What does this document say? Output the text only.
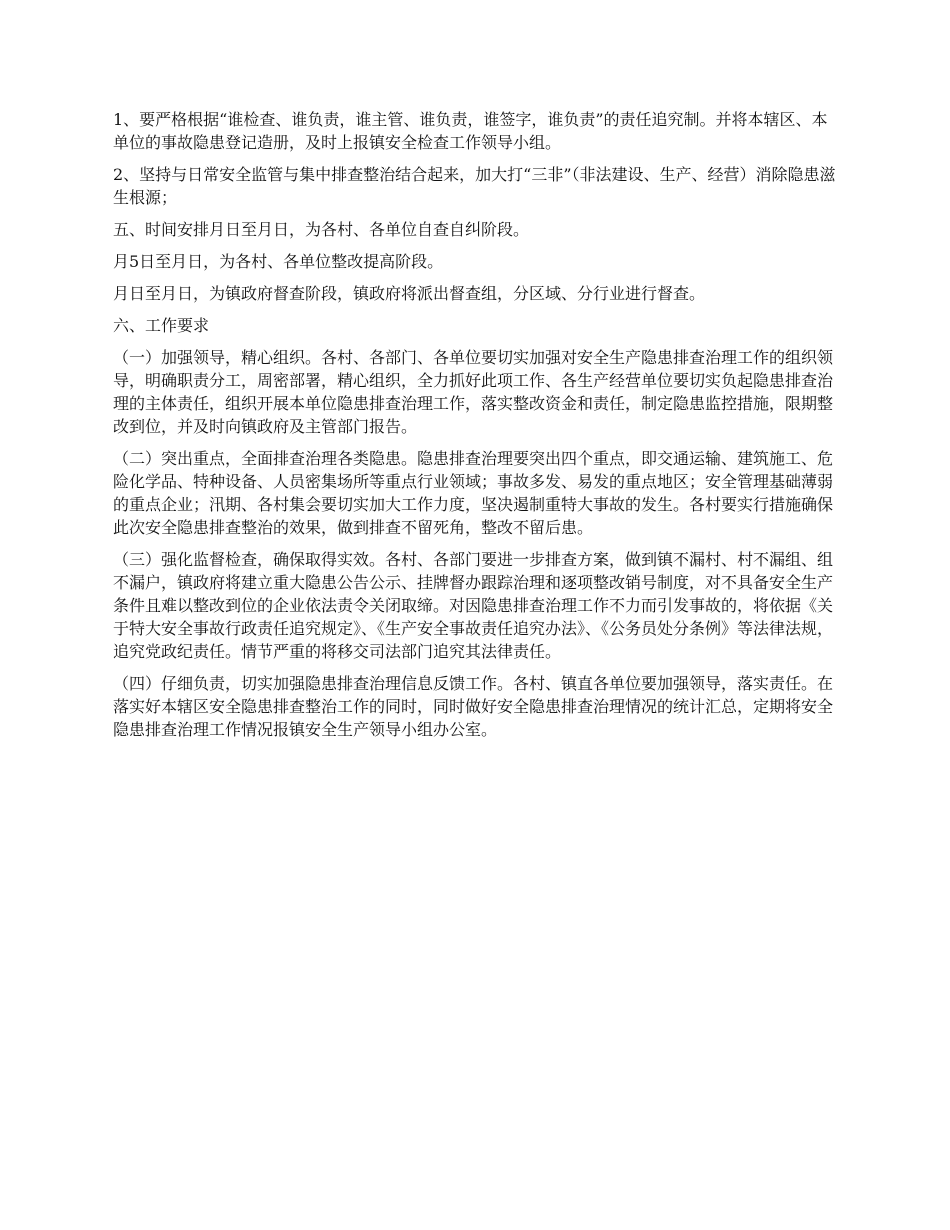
1、要严格根据“谁检查、谁负责，谁主管、谁负责，谁签字，谁负责”的责任追究制。并将本辖区、本单位的事故隐患登记造册，及时上报镇安全检查工作领导小组。

2、坚持与日常安全监管与集中排查整治结合起来，加大打“三非”（非法建设、生产、经营）消除隐患滋生根源；

五、时间安排月日至月日，为各村、各单位自查自纠阶段。

月5日至月日，为各村、各单位整改提高阶段。

月日至月日，为镇政府督查阶段，镇政府将派出督查组，分区域、分行业进行督查。

六、工作要求

（一）加强领导，精心组织。各村、各部门、各单位要切实加强对安全生产隐患排查治理工作的组织领导，明确职责分工，周密部署，精心组织，全力抓好此项工作、各生产经营单位要切实负起隐患排查治理的主体责任，组织开展本单位隐患排查治理工作，落实整改资金和责任，制定隐患监控措施，限期整改到位，并及时向镇政府及主管部门报告。

（二）突出重点，全面排查治理各类隐患。隐患排查治理要突出四个重点，即交通运输、建筑施工、危险化学品、特种设备、人员密集场所等重点行业领域；事故多发、易发的重点地区；安全管理基础薄弱的重点企业；汛期、各村集会要切实加大工作力度，坚决遏制重特大事故的发生。各村要实行措施确保此次安全隐患排查整治的效果，做到排查不留死角，整改不留后患。

（三）强化监督检查，确保取得实效。各村、各部门要进一步排查方案，做到镇不漏村、村不漏组、组不漏户，镇政府将建立重大隐患公告公示、挂牌督办跟踪治理和逐项整改销号制度，对不具备安全生产条件且难以整改到位的企业依法责令关闭取缔。对因隐患排查治理工作不力而引发事故的，将依据《关于特大安全事故行政责任追究规定》、《生产安全事故责任追究办法》、《公务员处分条例》等法律法规，追究党政纪责任。情节严重的将移交司法部门追究其法律责任。

（四）仔细负责，切实加强隐患排查治理信息反馈工作。各村、镇直各单位要加强领导，落实责任。在落实好本辖区安全隐患排查整治工作的同时，同时做好安全隐患排查治理情况的统计汇总，定期将安全隐患排查治理工作情况报镇安全生产领导小组办公室。
